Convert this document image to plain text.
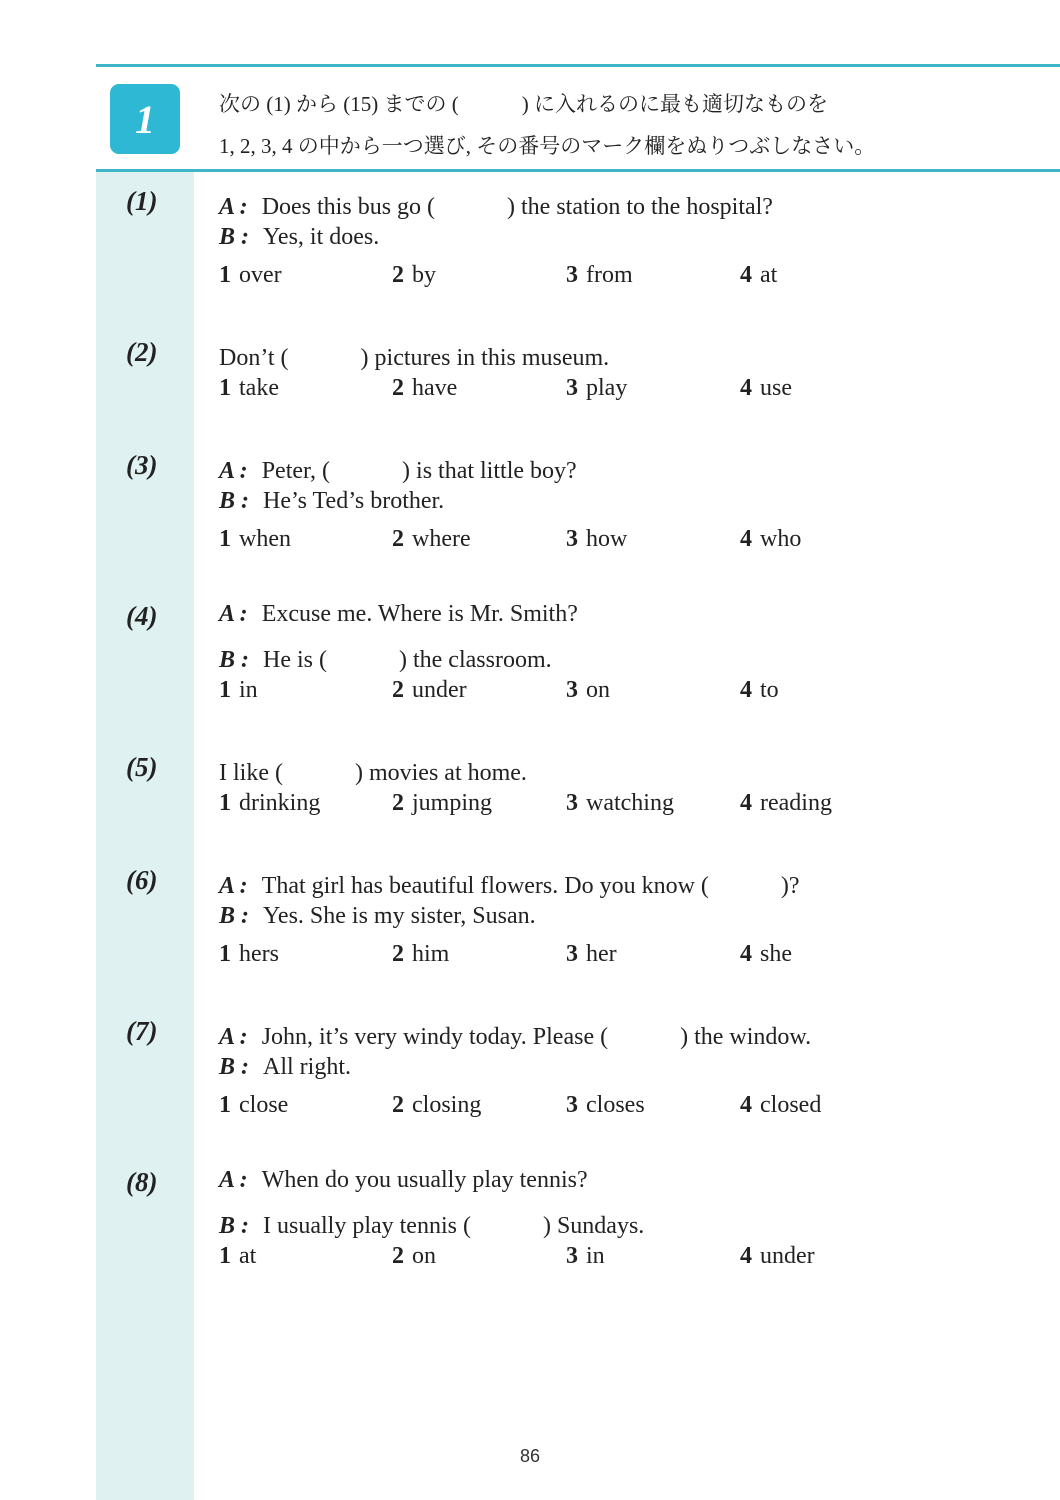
1	次の (1) から (15) までの (　　　) に入れるのに最も適切なものを
1, 2, 3, 4 の中から一つ選び, その番号のマーク欄をぬりつぶしなさい。
(1)	A : Does this bus go (　　　) the station to the hospital?
B : Yes, it does.
1 over	2 by	3 from	4 at
(2)	Don’t (　　　) pictures in this museum.
1 take	2 have	3 play	4 use
(3)	A : Peter, (　　　) is that little boy?
B : He’s Ted’s brother.
1 when	2 where	3 how	4 who
(4)	A : Excuse me. Where is Mr. Smith?
B : He is (　　　) the classroom.
1 in	2 under	3 on	4 to
(5)	I like (　　　) movies at home.
1 drinking	2 jumping	3 watching	4 reading
(6)	A : That girl has beautiful flowers. Do you know (　　　)?
B : Yes. She is my sister, Susan.
1 hers	2 him	3 her	4 she
(7)	A : John, it’s very windy today. Please (　　　) the window.
B : All right.
1 close	2 closing	3 closes	4 closed
(8)	A : When do you usually play tennis?
B : I usually play tennis (　　　) Sundays.
1 at	2 on	3 in	4 under
86
